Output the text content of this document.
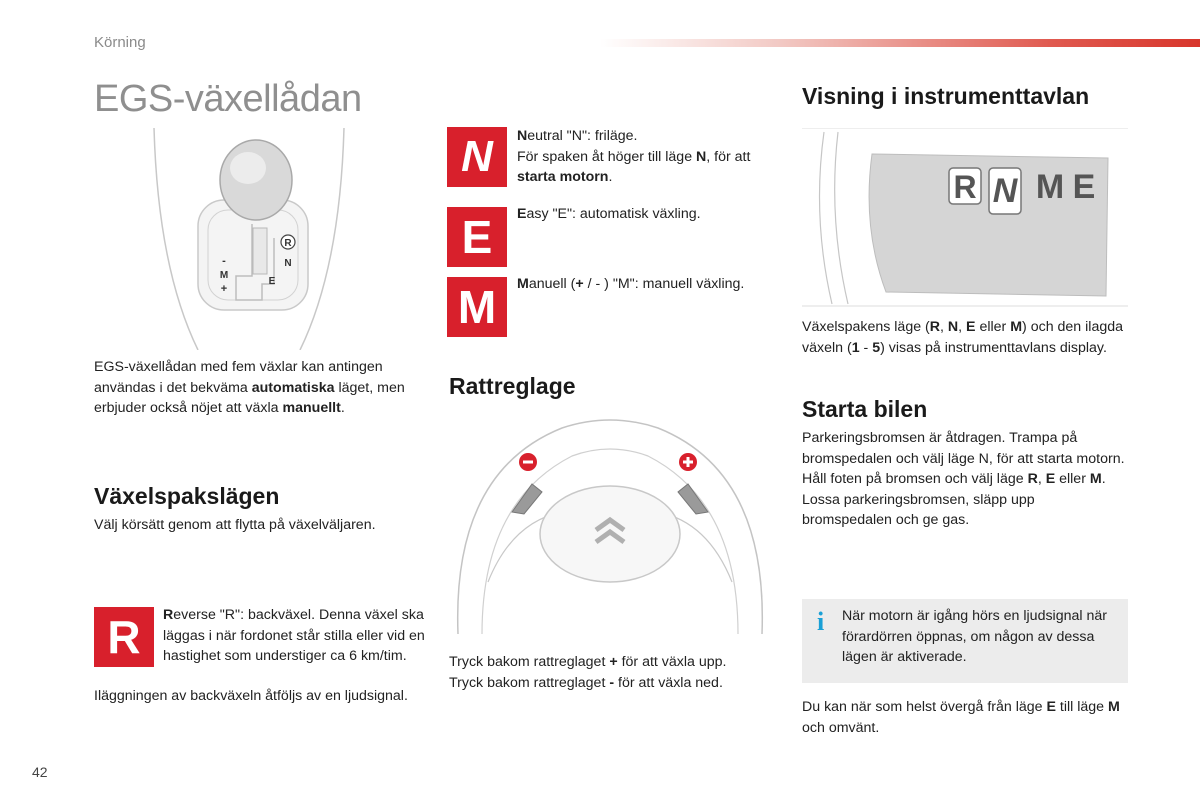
Körning
EGS-växellådan
R
N
E
M
-
+

EGS-växellådan med fem växlar kan antingen användas i det bekväma automatiska läget, men erbjuder också nöjet att växla manuellt.

Växelspakslägen

Välj körsätt genom att flytta på växelväljaren.

R	Reverse "R": backväxel. Denna växel ska läggas i när fordonet står stilla eller vid en hastighet som understiger ca 6 km/tim.

Iläggningen av backväxeln åtföljs av en ljudsignal.

N	Neutral "N": friläge.
För spaken åt höger till läge N, för att starta motorn.

E	Easy "E": automatisk växling.

M	Manuell (+ / - ) "M": manuell växling.

Rattreglage

Tryck bakom rattreglaget + för att växla upp.
Tryck bakom rattreglaget - för att växla ned.

Visning i instrumenttavlan
R N M E

Växelspakens läge (R, N, E eller M) och den ilagda växeln (1 - 5) visas på instrumenttavlans display.

Starta bilen

Parkeringsbromsen är åtdragen. Trampa på bromspedalen och välj läge N, för att starta motorn.
Håll foten på bromsen och välj läge R, E eller M.
Lossa parkeringsbromsen, släpp upp bromspedalen och ge gas.

i När motorn är igång hörs en ljudsignal när förardörren öppnas, om någon av dessa lägen är aktiverade.

Du kan när som helst övergå från läge E till läge M och omvänt.

42
